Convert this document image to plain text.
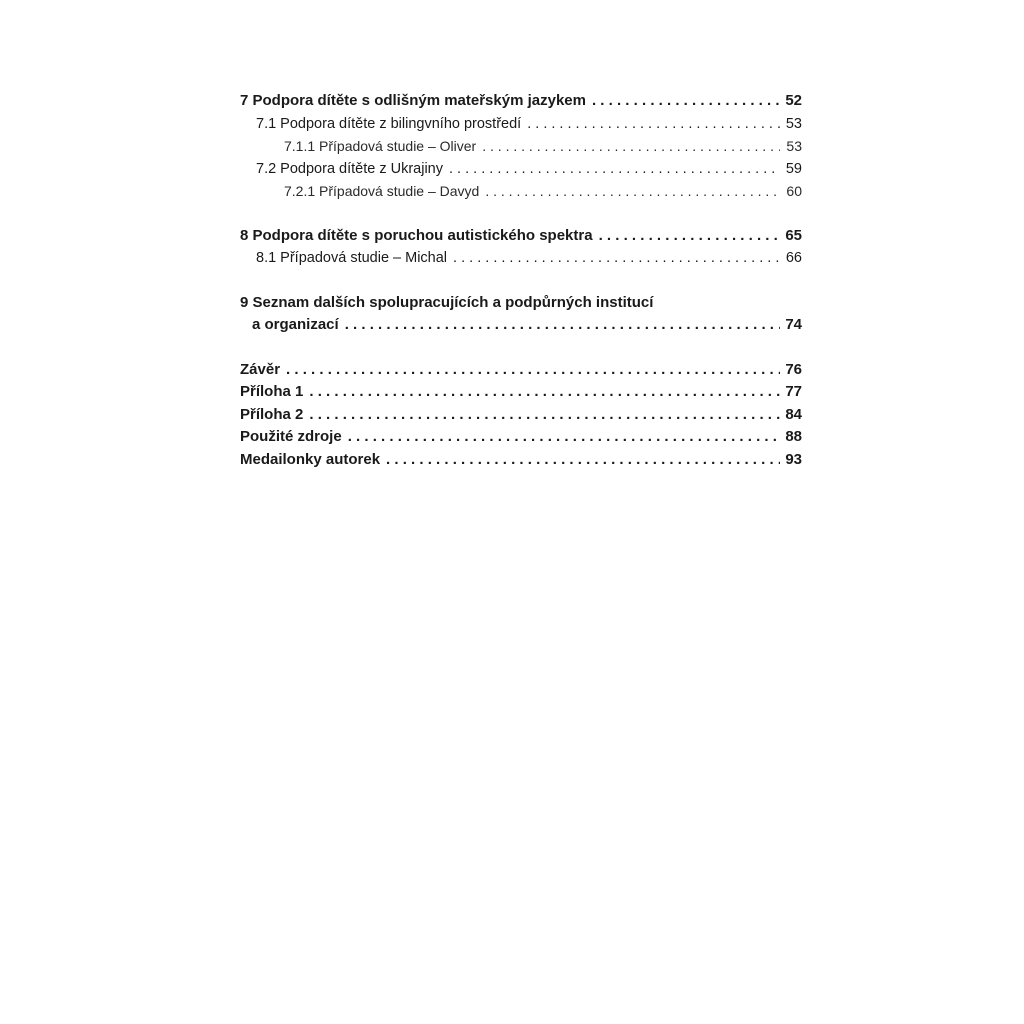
7 Podpora dítěte s odlišným mateřským jazykem . . .	52
7.1 Podpora dítěte z bilingvního prostředí . . .	53
7.1.1 Případová studie – Oliver . . .	53
7.2 Podpora dítěte z Ukrajiny . . .	59
7.2.1 Případová studie – Davyd . . .	60
8 Podpora dítěte s poruchou autistického spektra . . .	65
8.1 Případová studie – Michal . . .	66
9 Seznam dalších spolupracujících a podpůrných institucí
a organizací . . .	74
Závěr . . .	76
Příloha 1 . . .	77
Příloha 2 . . .	84
Použité zdroje . . .	88
Medailonky autorek . . .	93
